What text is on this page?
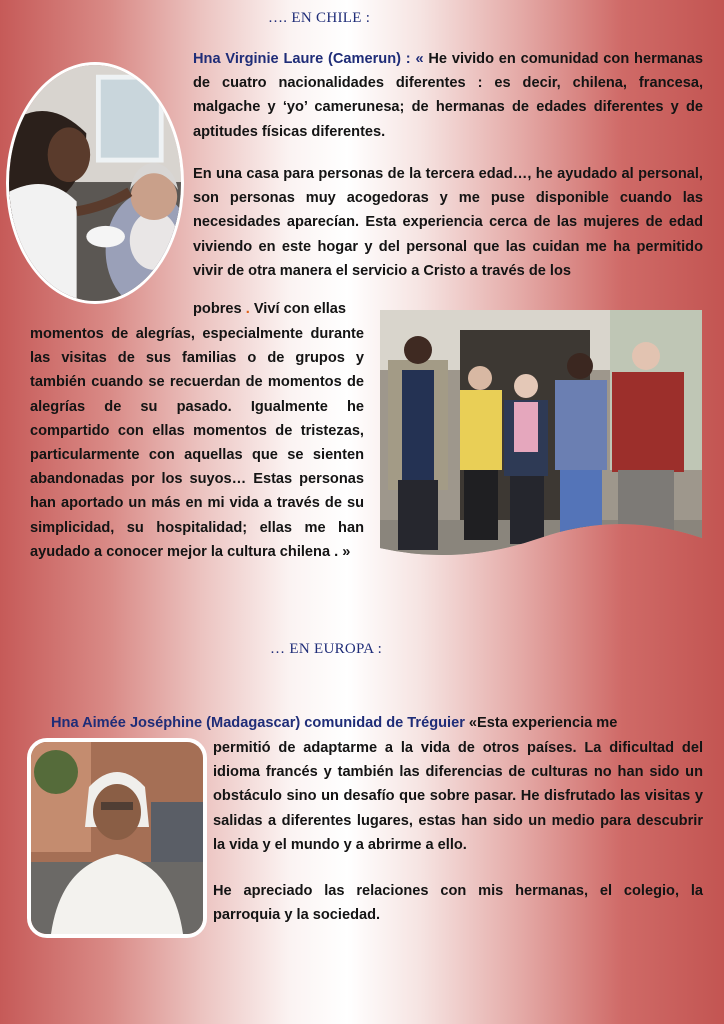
…. EN CHILE :
Hna Virginie Laure (Camerun) : « He vivido en comunidad con hermanas de cuatro nacionalidades diferentes : es decir, chilena, francesa, malgache y ‘yo’ camerunesa; de hermanas de edades diferentes y de aptitudes físicas diferentes.
En una casa para personas de la tercera edad…, he ayudado al personal, son personas muy acogedoras y me puse disponible cuando las necesidades aparecían. Esta experiencia cerca de las mujeres de edad viviendo en este hogar y del personal que las cuidan me ha permitido vivir de otra manera el servicio a Cristo a través de los
pobres . Viví con ellas
momentos de alegrías, especialmente durante las visitas de sus familias o de grupos y también cuando se recuerdan de momentos de alegrías de su pasado. Igualmente he compartido con ellas momentos de tristezas, particularmente con aquellas que se sienten abandonadas por los suyos… Estas personas han aportado un más en mi vida a través de su simplicidad, su hospitalidad; ellas me han ayudado a conocer mejor la cultura chilena . »
… EN EUROPA :
Hna Aimée Joséphine (Madagascar) comunidad de Tréguier «Esta experiencia me
permitió de adaptarme a la vida de otros países. La dificultad del idioma francés y también las diferencias de culturas no han sido un obstáculo sino un desafío que sobre pasar. He disfrutado las visitas y salidas a diferentes lugares, estas han sido un medio para descubrir la vida y el mundo y a abrirme a ello.
He apreciado las relaciones con mis hermanas, el colegio, la parroquia y la sociedad.
